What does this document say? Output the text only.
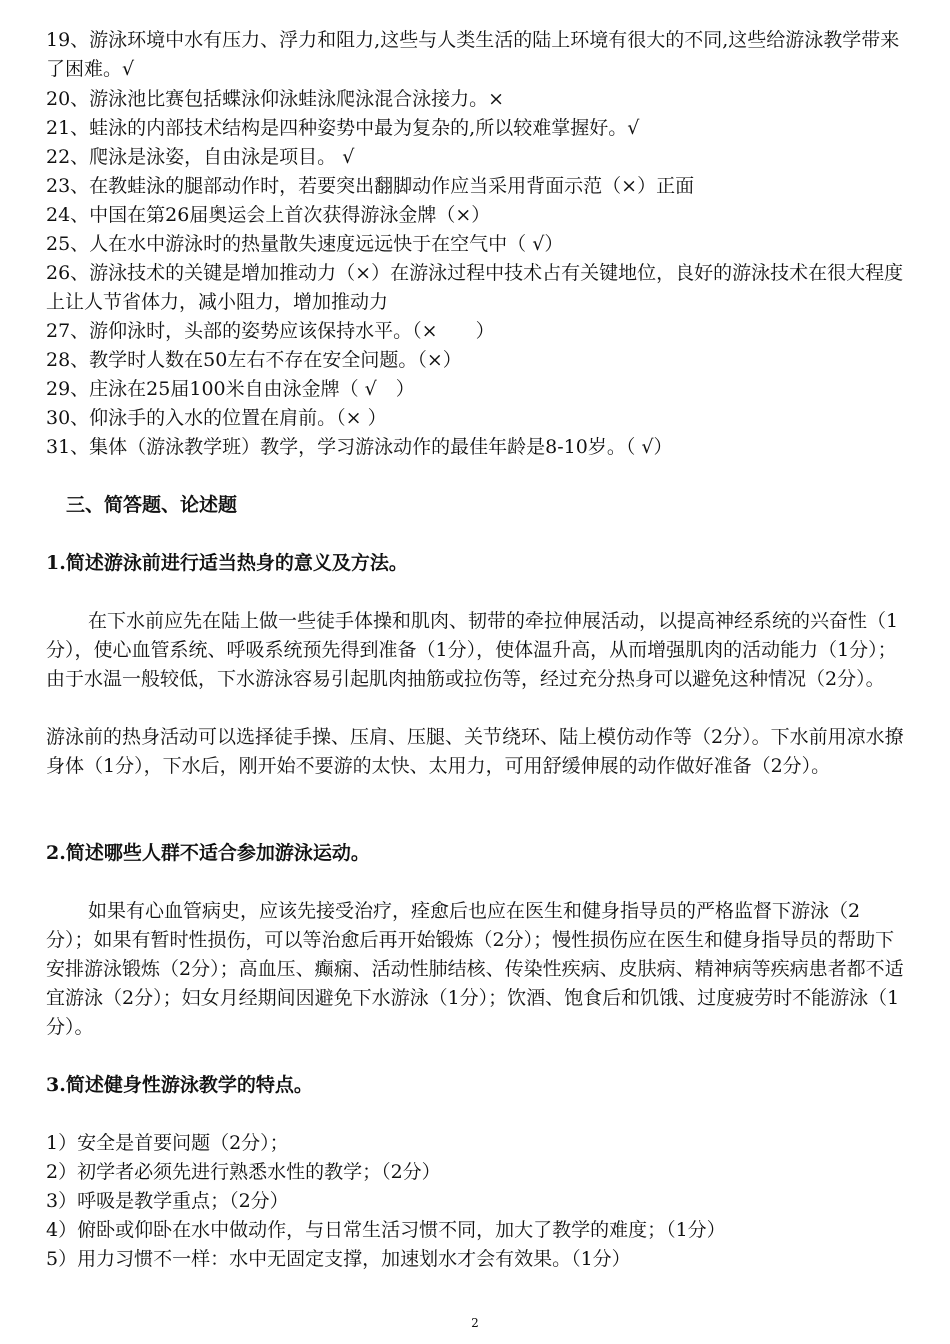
19、游泳环境中水有压力、浮力和阻力,这些与人类生活的陆上环境有很大的不同,这些给游泳教学带来了困难。√
20、游泳池比赛包括蝶泳仰泳蛙泳爬泳混合泳接力。×
21、蛙泳的内部技术结构是四种姿势中最为复杂的,所以较难掌握好。√
22、爬泳是泳姿，自由泳是项目。 √
23、在教蛙泳的腿部动作时，若要突出翻脚动作应当采用背面示范（×）正面
24、中国在第26届奥运会上首次获得游泳金牌（×）
25、人在水中游泳时的热量散失速度远远快于在空气中（ √）
26、游泳技术的关键是增加推动力（×）在游泳过程中技术占有关键地位，良好的游泳技术在很大程度上让人节省体力，减小阻力，增加推动力
27、游仰泳时，头部的姿势应该保持水平。（×　　）
28、教学时人数在50左右不存在安全问题。（×）
29、庄泳在25届100米自由泳金牌（ √　）
30、仰泳手的入水的位置在肩前。（× ）
31、集体（游泳教学班）教学，学习游泳动作的最佳年龄是8-10岁。（ √）
三、简答题、论述题
1.简述游泳前进行适当热身的意义及方法。
在下水前应先在陆上做一些徒手体操和肌肉、韧带的牵拉伸展活动，以提高神经系统的兴奋性（1分），使心血管系统、呼吸系统预先得到准备（1分），使体温升高，从而增强肌肉的活动能力（1分）；由于水温一般较低，下水游泳容易引起肌肉抽筋或拉伤等，经过充分热身可以避免这种情况（2分）。
游泳前的热身活动可以选择徒手操、压肩、压腿、关节绕环、陆上模仿动作等（2分）。下水前用凉水撩身体（1分），下水后，刚开始不要游的太快、太用力，可用舒缓伸展的动作做好准备（2分）。
2.简述哪些人群不适合参加游泳运动。
如果有心血管病史，应该先接受治疗，痊愈后也应在医生和健身指导员的严格监督下游泳（2分）；如果有暂时性损伤，可以等治愈后再开始锻炼（2分）；慢性损伤应在医生和健身指导员的帮助下安排游泳锻炼（2分）；高血压、癫痫、活动性肺结核、传染性疾病、皮肤病、精神病等疾病患者都不适宜游泳（2分）；妇女月经期间因避免下水游泳（1分）；饮酒、饱食后和饥饿、过度疲劳时不能游泳（1分）。
3.简述健身性游泳教学的特点。
1）安全是首要问题（2分）；
2）初学者必须先进行熟悉水性的教学；（2分）
3）呼吸是教学重点；（2分）
4）俯卧或仰卧在水中做动作，与日常生活习惯不同，加大了教学的难度；（1分）
5）用力习惯不一样：水中无固定支撑，加速划水才会有效果。（1分）
2
